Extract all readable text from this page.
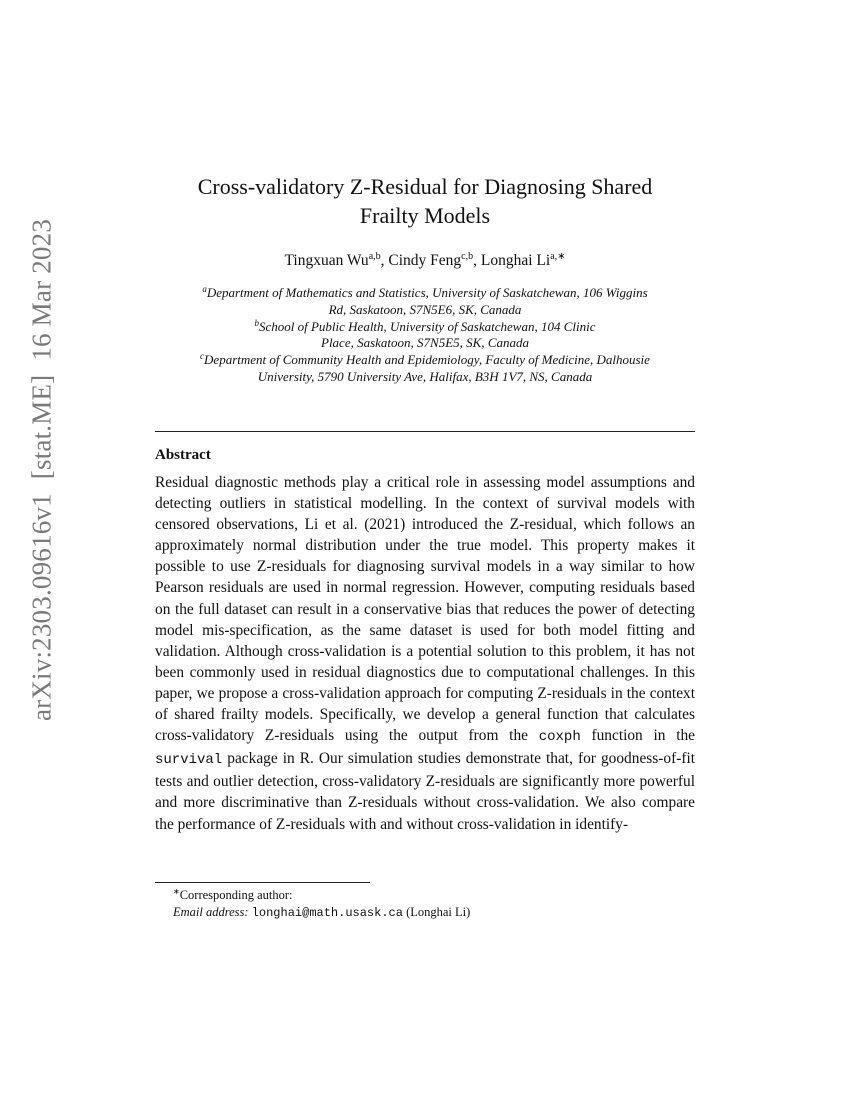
arXiv:2303.09616v1[stat.ME]16 Mar 2023
Cross-validatory Z-Residual for Diagnosing Shared
Frailty Models
Tingxuan Wu$^{a,b}$, Cindy Feng$^{c,b}$, Longhai $Li^{a,∗}$
$^a$Department of Mathematics and Statistics, University of Saskatchewan, 106 Wiggins
Rd, Saskatoon, S7N5E6, SK, Canada
$^b$School of Public Health, University of Saskatchewan, 104 Clinic
Place, Saskatoon, S7N5E5, SK, Canada
$^c$Department of Community Health and Epidemiology, Faculty of Medicine, Dalhousie
University, 5790 University Ave, Halifax, B3H 1V7, NS, Canada
Abstract
Residual diagnostic methods play a critical role in assessing model assumptions and detecting outliers in statistical modelling. In the context of survival models with censored observations, Li et al. (2021) introduced the Z-residual, which follows an approximately normal distribution under the true model. This property makes it possible to use Z-residuals for diagnosing survival models in a way similar to how Pearson residuals are used in normal regression. However, computing residuals based on the full dataset can result in a conservative bias that reduces the power of detecting model mis-specification, as the same dataset is used for both model fitting and validation. Although cross-validation is a potential solution to this problem, it has not been commonly used in residual diagnostics due to computational challenges. In this paper, we propose a cross-validation approach for computing Z-residuals in the context of shared frailty models. Specifically, we develop a general function that calculates cross-validatory Z-residuals using the output from the coxph function in the survival package in R. Our simulation studies demonstrate that, for goodness-of-fit tests and outlier detection, cross-validatory Z-residuals are significantly more powerful and more discriminative than Z-residuals without cross-validation. We also compare the performance of Z-residuals with and without cross-validation in identify-
∗Corresponding author:
Email address: longhai@math.usask.ca (Longhai Li)
